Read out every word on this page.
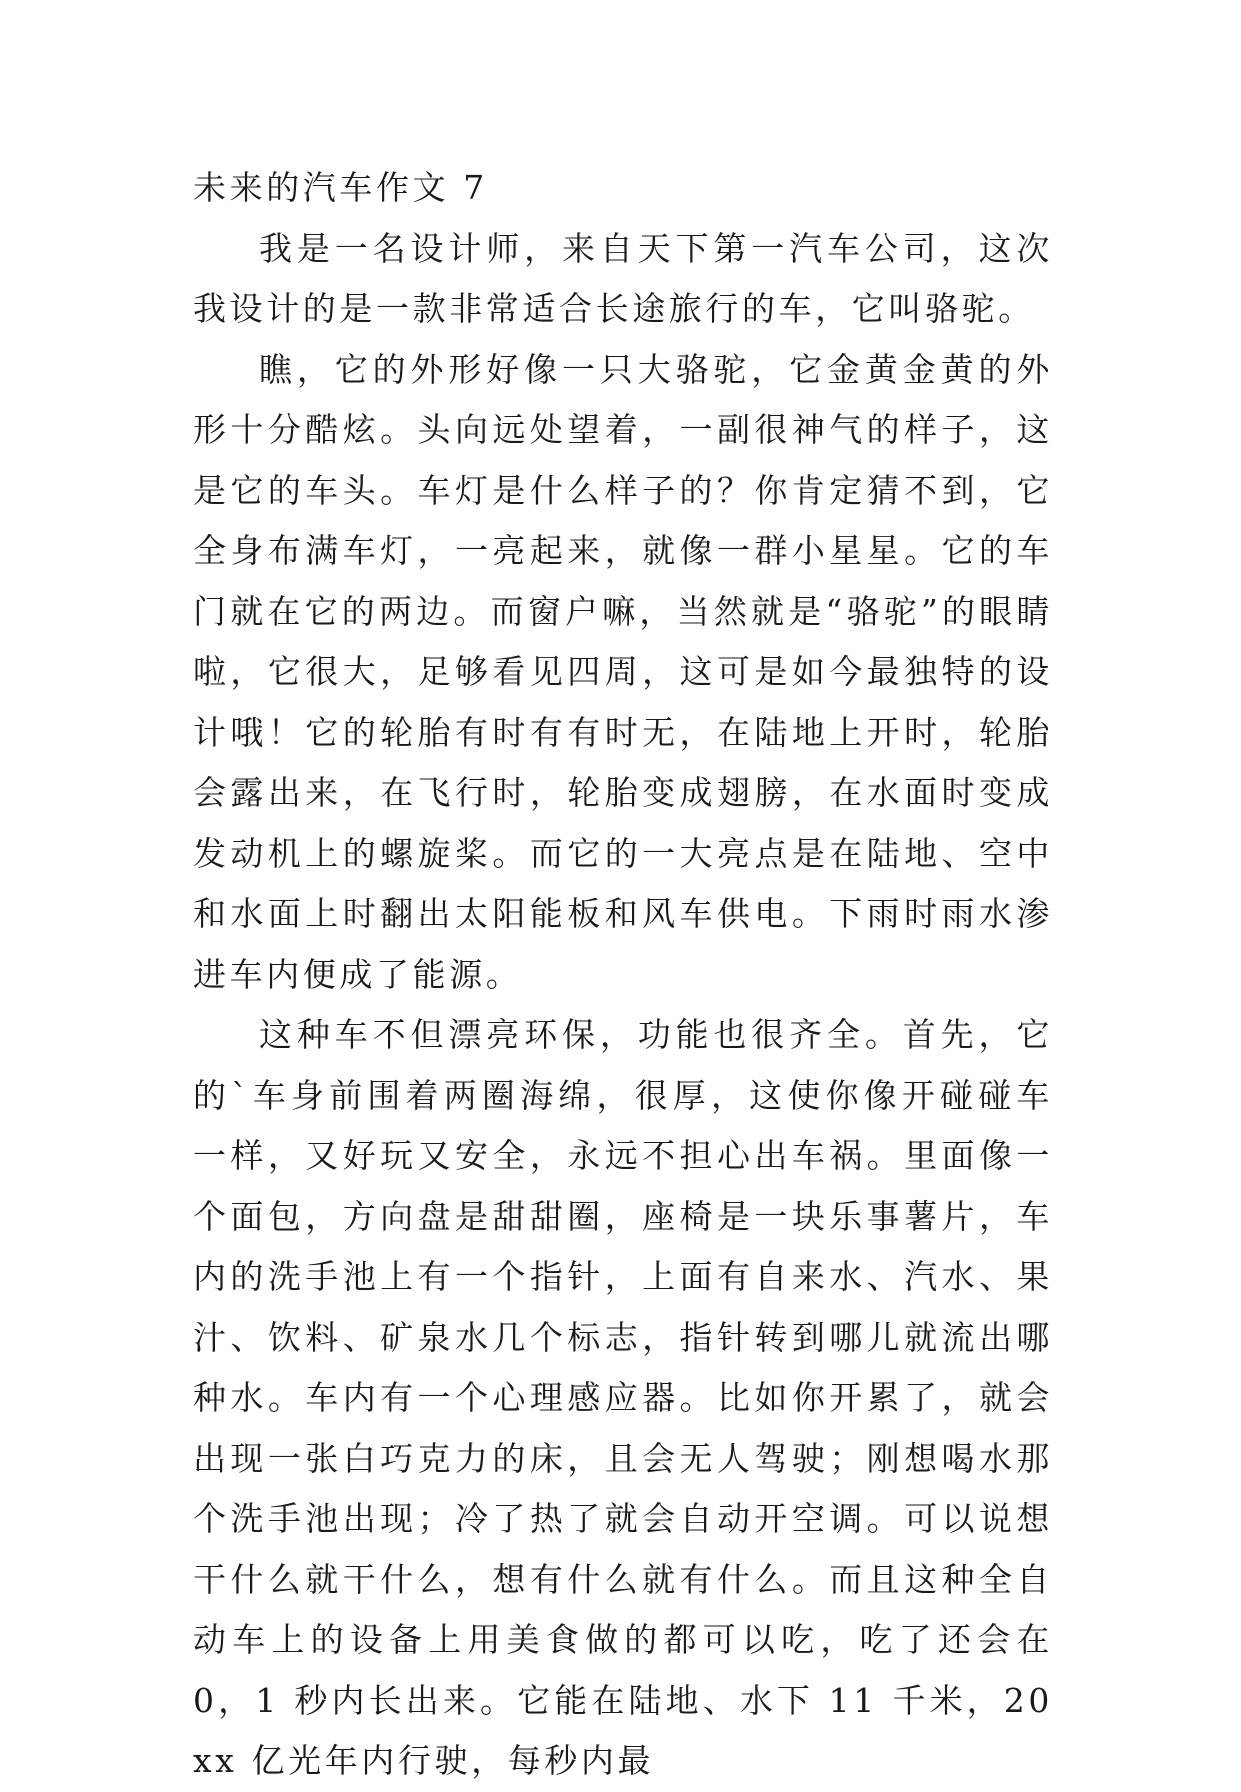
未来的汽车作文 7

我是一名设计师，来自天下第一汽车公司，这次我设计的是一款非常适合长途旅行的车，它叫骆驼。

瞧，它的外形好像一只大骆驼，它金黄金黄的外形十分酷炫。头向远处望着，一副很神气的样子，这是它的车头。车灯是什么样子的？你肯定猜不到，它全身布满车灯，一亮起来，就像一群小星星。它的车门就在它的两边。而窗户嘛，当然就是“骆驼”的眼睛啦，它很大，足够看见四周，这可是如今最独特的设计哦！它的轮胎有时有有时无，在陆地上开时，轮胎会露出来，在飞行时，轮胎变成翅膀，在水面时变成发动机上的螺旋桨。而它的一大亮点是在陆地、空中和水面上时翻出太阳能板和风车供电。下雨时雨水渗进车内便成了能源。

这种车不但漂亮环保，功能也很齐全。首先，它的`车身前围着两圈海绵，很厚，这使你像开碰碰车一样，又好玩又安全，永远不担心出车祸。里面像一个面包，方向盘是甜甜圈，座椅是一块乐事薯片，车内的洗手池上有一个指针，上面有自来水、汽水、果汁、饮料、矿泉水几个标志，指针转到哪儿就流出哪种水。车内有一个心理感应器。比如你开累了，就会出现一张白巧克力的床，且会无人驾驶；刚想喝水那个洗手池出现；冷了热了就会自动开空调。可以说想干什么就干什么，想有什么就有什么。而且这种全自动车上的设备上用美食做的都可以吃，吃了还会在 0，1 秒内长出来。它能在陆地、水下 11 千米，20xx 亿光年内行驶，每秒内最
